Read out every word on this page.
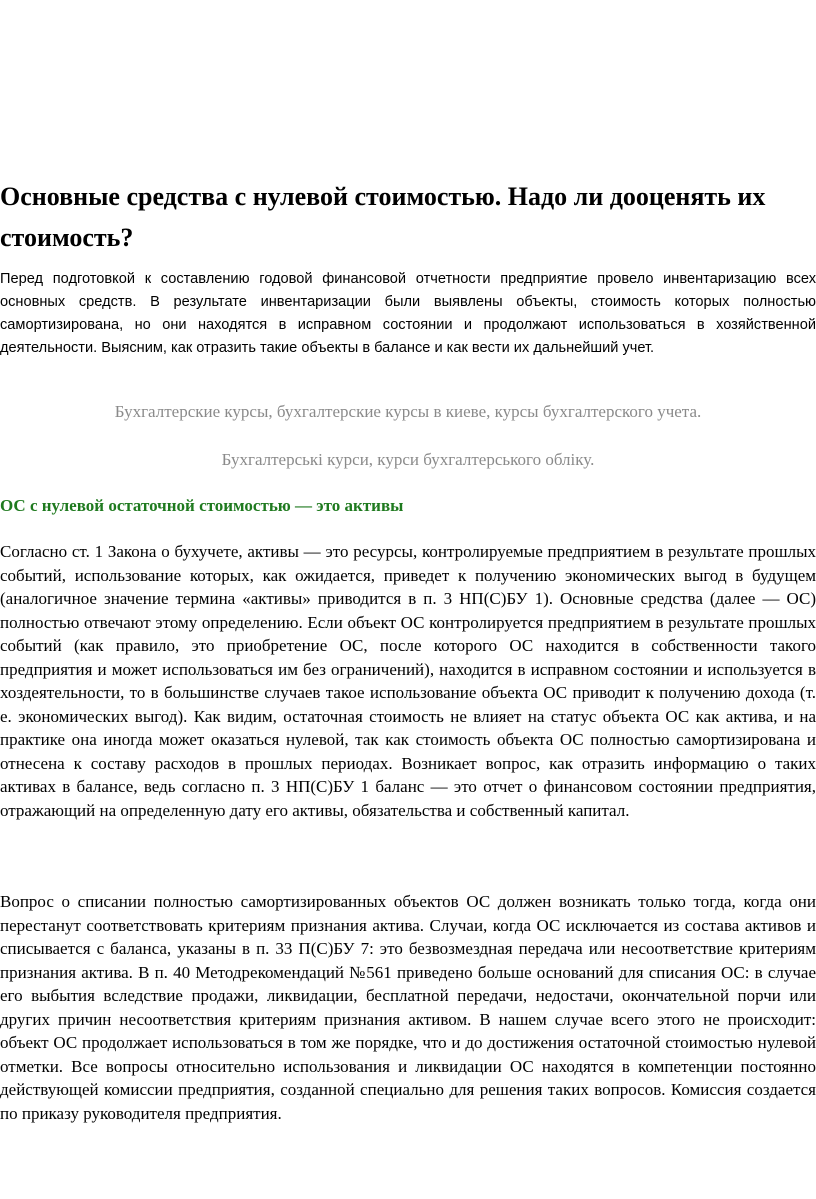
Основные средства с нулевой стоимостью. Надо ли дооценять их стоимость?

Перед подготовкой к составлению годовой финансовой отчетности предприятие провело инвентаризацию всех основных средств. В результате инвентаризации были выявлены объекты, стоимость которых полностью самортизирована, но они находятся в исправном состоянии и продолжают использоваться в хозяйственной деятельности. Выясним, как отразить такие объекты в балансе и как вести их дальнейший учет.

Бухгалтерские курсы, бухгалтерские курсы в киеве, курсы бухгалтерского учета.

Бухгалтерські курси, курси бухгалтерського обліку.

ОС с нулевой остаточной стоимостью — это активы

Согласно ст. 1 Закона о бухучете, активы — это ресурсы, контролируемые предприятием в результате прошлых событий, использование которых, как ожидается, приведет к получению экономических выгод в будущем (аналогичное значение термина «активы» приводится в п. 3 НП(С)БУ 1). Основные средства (далее — ОС) полностью отвечают этому определению. Если объект ОС контролируется предприятием в результате прошлых событий (как правило, это приобретение ОС, после которого ОС находится в собственности такого предприятия и может использоваться им без ограничений), находится в исправном состоянии и используется в хоздеятельности, то в большинстве случаев такое использование объекта ОС приводит к получению дохода (т. е. экономических выгод). Как видим, остаточная стоимость не влияет на статус объекта ОС как актива, и на практике она иногда может оказаться нулевой, так как стоимость объекта ОС полностью самортизирована и отнесена к составу расходов в прошлых периодах. Возникает вопрос, как отразить информацию о таких активах в балансе, ведь согласно п. 3 НП(С)БУ 1 баланс — это отчет о финансовом состоянии предприятия, отражающий на определенную дату его активы, обязательства и собственный капитал.

Вопрос о списании полностью самортизированных объектов ОС должен возникать только тогда, когда они перестанут соответствовать критериям признания актива. Случаи, когда ОС исключается из состава активов и списывается с баланса, указаны в п. 33 П(С)БУ 7: это безвозмездная передача или несоответствие критериям признания актива. В п. 40 Методрекомендаций №561 приведено больше оснований для списания ОС: в случае его выбытия вследствие продажи, ликвидации, бесплатной передачи, недостачи, окончательной порчи или других причин несоответствия критериям признания активом. В нашем случае всего этого не происходит: объект ОС продолжает использоваться в том же порядке, что и до достижения остаточной стоимостью нулевой отметки. Все вопросы относительно использования и ликвидации ОС находятся в компетенции постоянно действующей комиссии предприятия, созданной специально для решения таких вопросов. Комиссия создается по приказу руководителя предприятия.
